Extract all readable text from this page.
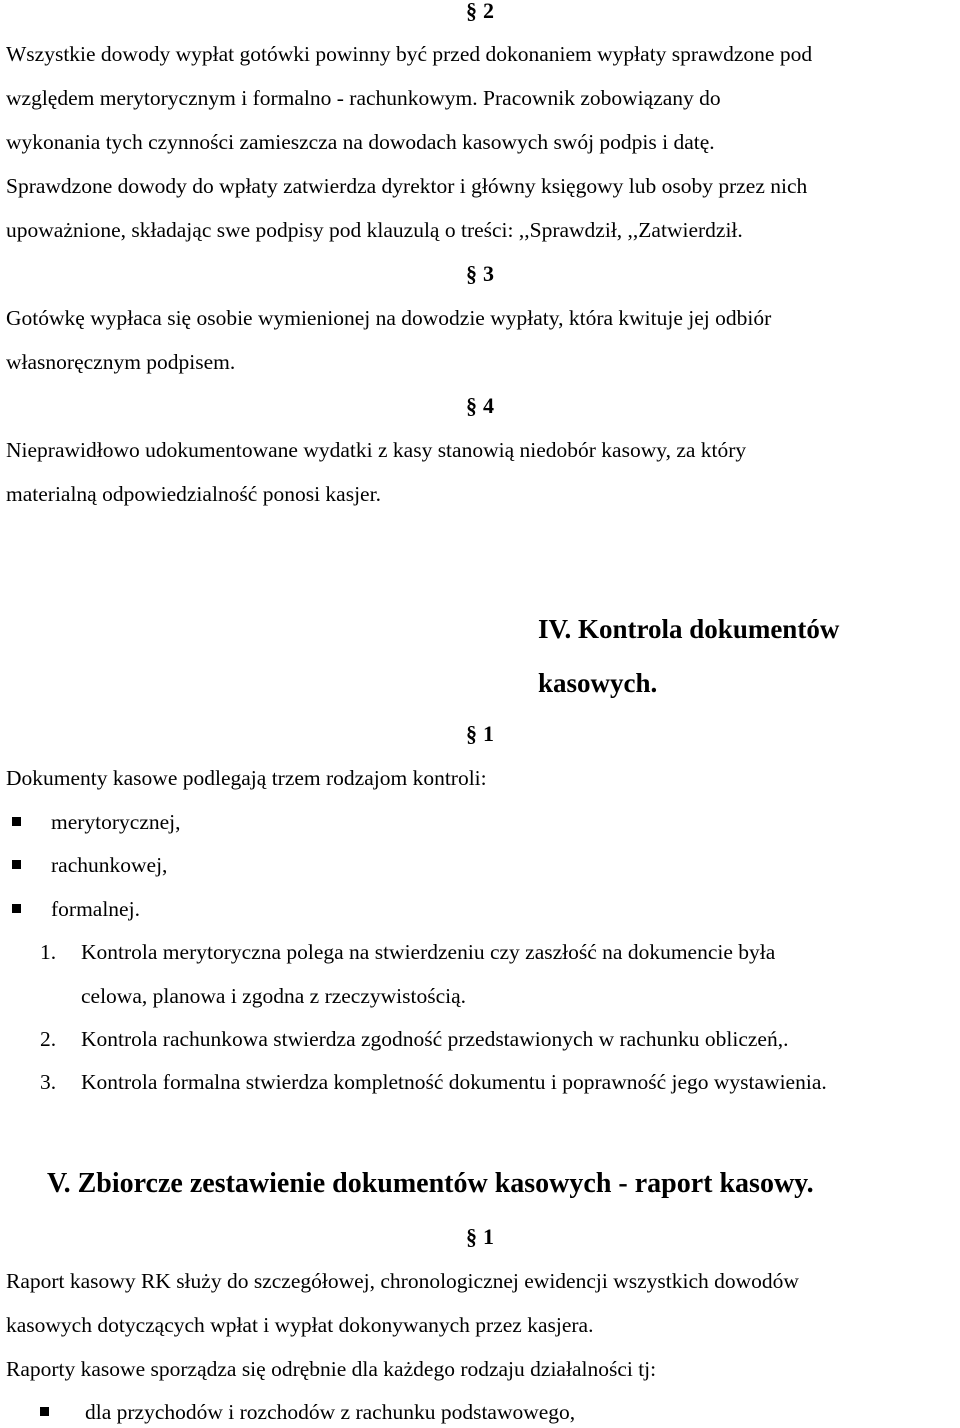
§ 2
Wszystkie dowody wypłat gotówki powinny być przed dokonaniem wypłaty sprawdzone pod
względem merytorycznym i formalno - rachunkowym. Pracownik zobowiązany do
wykonania tych czynności zamieszcza na dowodach kasowych swój podpis i datę.
Sprawdzone dowody do wpłaty zatwierdza dyrektor i główny księgowy lub osoby przez nich
upoważnione, składając swe podpisy pod klauzulą o treści: ,,Sprawdził, ,,Zatwierdził.
§ 3
Gotówkę wypłaca się osobie wymienionej na dowodzie wypłaty, która kwituje jej odbiór
własnoręcznym podpisem.
§ 4
Nieprawidłowo udokumentowane wydatki z kasy stanowią niedobór kasowy, za który
materialną odpowiedzialność ponosi kasjer.
IV. Kontrola dokumentów
kasowych.
§ 1
Dokumenty kasowe podlegają trzem rodzajom kontroli:
merytorycznej,
rachunkowej,
formalnej.
1. Kontrola merytoryczna polega na stwierdzeniu czy zaszłość na dokumencie była
celowa, planowa i zgodna z rzeczywistością.
2. Kontrola rachunkowa stwierdza zgodność przedstawionych w rachunku obliczeń,.
3. Kontrola formalna stwierdza kompletność dokumentu i poprawność jego wystawienia.
V. Zbiorcze zestawienie dokumentów kasowych - raport kasowy.
§ 1
Raport kasowy RK służy do szczegółowej, chronologicznej ewidencji wszystkich dowodów
kasowych dotyczących wpłat i wypłat dokonywanych przez kasjera.
Raporty kasowe sporządza się odrębnie dla każdego rodzaju działalności tj:
dla przychodów i rozchodów z rachunku podstawowego,
